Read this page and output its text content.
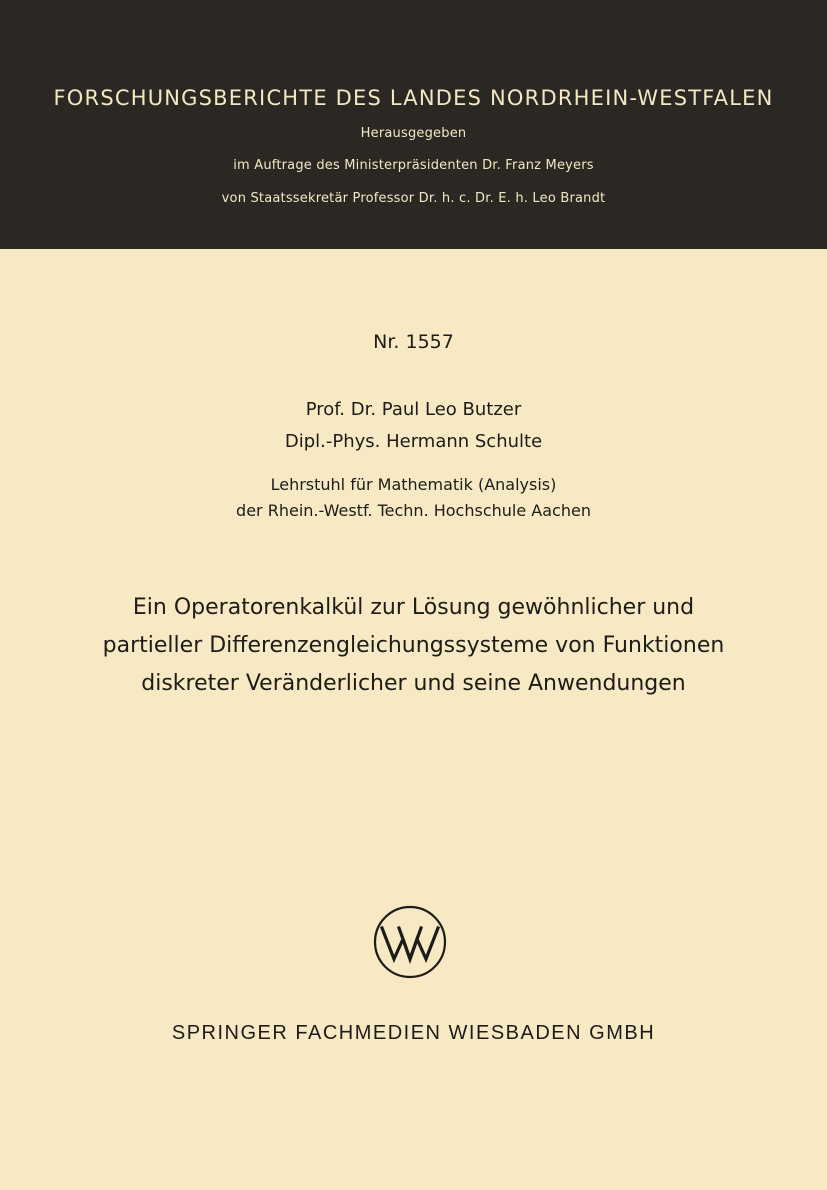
FORSCHUNGSBERICHTE DES LANDES NORDRHEIN-WESTFALEN
Herausgegeben
im Auftrage des Ministerpräsidenten Dr. Franz Meyers
von Staatssekretär Professor Dr. h. c. Dr. E. h. Leo Brandt
Nr. 1557
Prof. Dr. Paul Leo Butzer
Dipl.-Phys. Hermann Schulte
Lehrstuhl für Mathematik (Analysis)
der Rhein.-Westf. Techn. Hochschule Aachen
Ein Operatorenkalkül zur Lösung gewöhnlicher und
partieller Differenzengleichungssysteme von Funktionen
diskreter Veränderlicher und seine Anwendungen
SPRINGER FACHMEDIEN WIESBADEN GMBH
